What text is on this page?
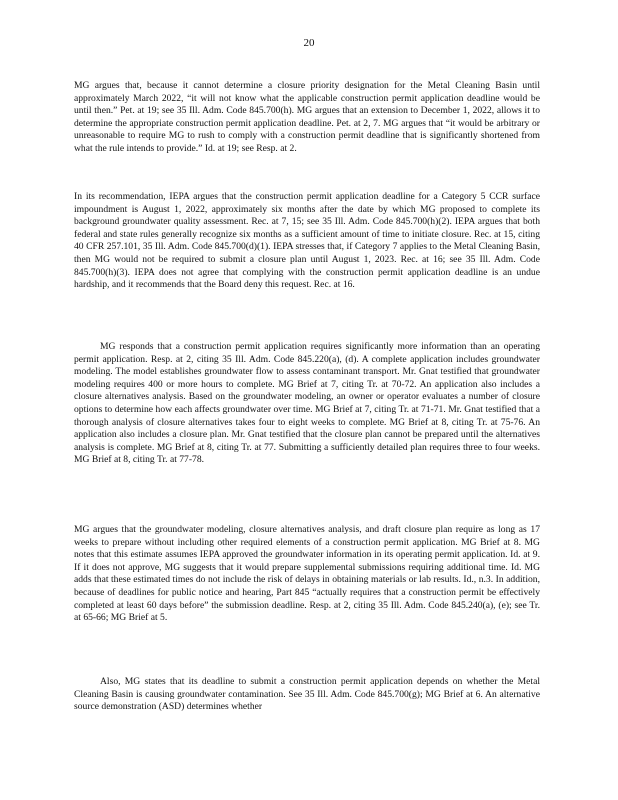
20

MG argues that, because it cannot determine a closure priority designation for the Metal Cleaning Basin until approximately March 2022, “it will not know what the applicable construction permit application deadline would be until then.” Pet. at 19; see 35 Ill. Adm. Code 845.700(h). MG argues that an extension to December 1, 2022, allows it to determine the appropriate construction permit application deadline. Pet. at 2, 7. MG argues that “it would be arbitrary or unreasonable to require MG to rush to comply with a construction permit deadline that is significantly shortened from what the rule intends to provide.” Id. at 19; see Resp. at 2.

In its recommendation, IEPA argues that the construction permit application deadline for a Category 5 CCR surface impoundment is August 1, 2022, approximately six months after the date by which MG proposed to complete its background groundwater quality assessment. Rec. at 7, 15; see 35 Ill. Adm. Code 845.700(h)(2). IEPA argues that both federal and state rules generally recognize six months as a sufficient amount of time to initiate closure. Rec. at 15, citing 40 CFR 257.101, 35 Ill. Adm. Code 845.700(d)(1). IEPA stresses that, if Category 7 applies to the Metal Cleaning Basin, then MG would not be required to submit a closure plan until August 1, 2023. Rec. at 16; see 35 Ill. Adm. Code 845.700(h)(3). IEPA does not agree that complying with the construction permit application deadline is an undue hardship, and it recommends that the Board deny this request. Rec. at 16.

MG responds that a construction permit application requires significantly more information than an operating permit application. Resp. at 2, citing 35 Ill. Adm. Code 845.220(a), (d). A complete application includes groundwater modeling. The model establishes groundwater flow to assess contaminant transport. Mr. Gnat testified that groundwater modeling requires 400 or more hours to complete. MG Brief at 7, citing Tr. at 70-72. An application also includes a closure alternatives analysis. Based on the groundwater modeling, an owner or operator evaluates a number of closure options to determine how each affects groundwater over time. MG Brief at 7, citing Tr. at 71-71. Mr. Gnat testified that a thorough analysis of closure alternatives takes four to eight weeks to complete. MG Brief at 8, citing Tr. at 75-76. An application also includes a closure plan. Mr. Gnat testified that the closure plan cannot be prepared until the alternatives analysis is complete. MG Brief at 8, citing Tr. at 77. Submitting a sufficiently detailed plan requires three to four weeks. MG Brief at 8, citing Tr. at 77-78.

MG argues that the groundwater modeling, closure alternatives analysis, and draft closure plan require as long as 17 weeks to prepare without including other required elements of a construction permit application. MG Brief at 8. MG notes that this estimate assumes IEPA approved the groundwater information in its operating permit application. Id. at 9. If it does not approve, MG suggests that it would prepare supplemental submissions requiring additional time. Id. MG adds that these estimated times do not include the risk of delays in obtaining materials or lab results. Id., n.3. In addition, because of deadlines for public notice and hearing, Part 845 “actually requires that a construction permit be effectively completed at least 60 days before” the submission deadline. Resp. at 2, citing 35 Ill. Adm. Code 845.240(a), (e); see Tr. at 65-66; MG Brief at 5.

Also, MG states that its deadline to submit a construction permit application depends on whether the Metal Cleaning Basin is causing groundwater contamination. See 35 Ill. Adm. Code 845.700(g); MG Brief at 6. An alternative source demonstration (ASD) determines whether
